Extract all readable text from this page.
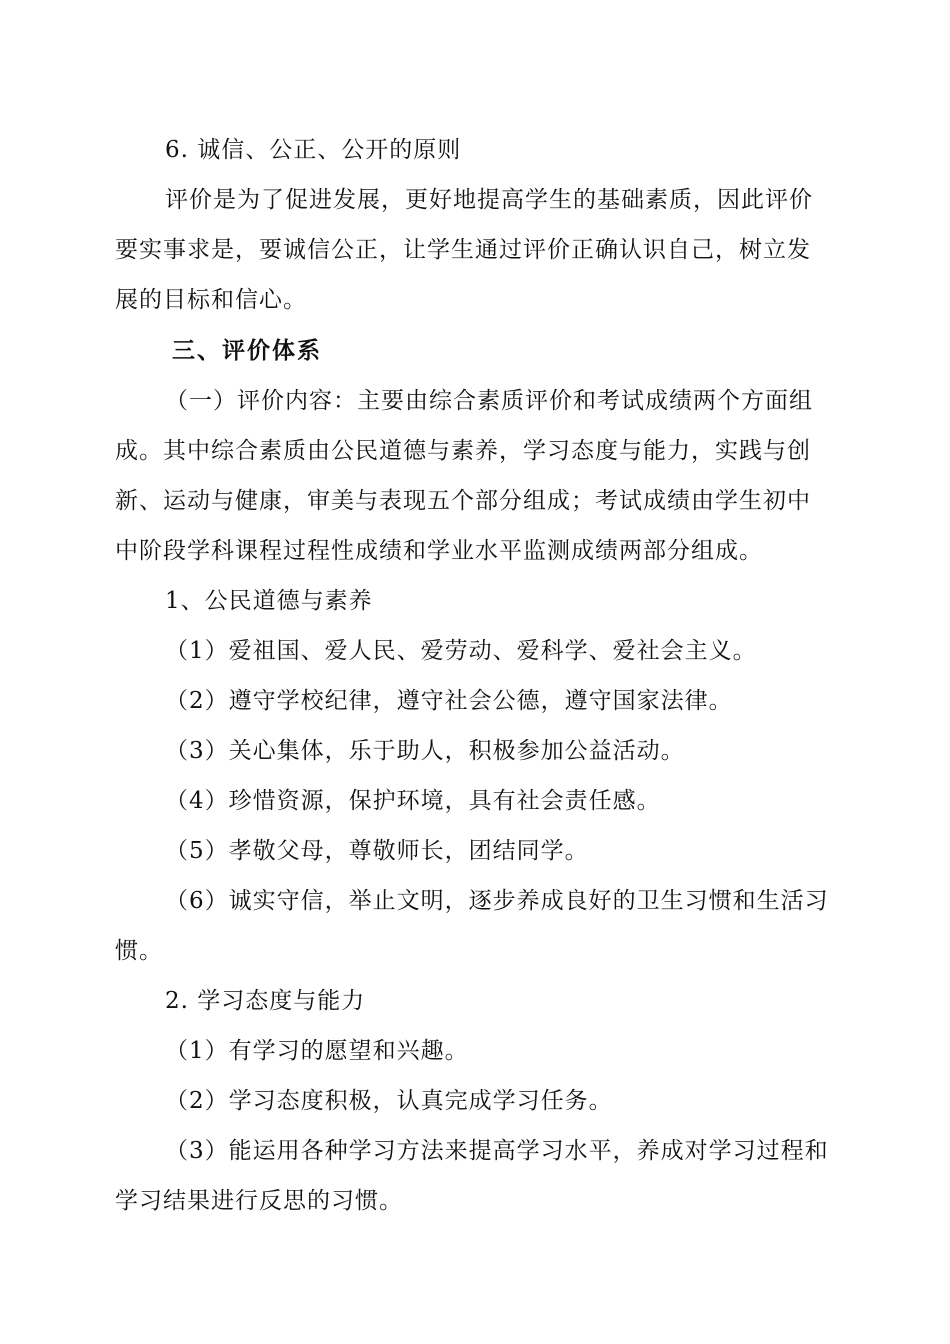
6. 诚信、公正、公开的原则
评价是为了促进发展，更好地提高学生的基础素质，因此评价
要实事求是，要诚信公正，让学生通过评价正确认识自己，树立发
展的目标和信心。
三、评价体系
（一）评价内容：主要由综合素质评价和考试成绩两个方面组
成。其中综合素质由公民道德与素养，学习态度与能力，实践与创
新、运动与健康，审美与表现五个部分组成；考试成绩由学生初中
中阶段学科课程过程性成绩和学业水平监测成绩两部分组成。
1、公民道德与素养
（1）爱祖国、爱人民、爱劳动、爱科学、爱社会主义。
（2）遵守学校纪律，遵守社会公德，遵守国家法律。
（3）关心集体，乐于助人，积极参加公益活动。
（4）珍惜资源，保护环境，具有社会责任感。
（5）孝敬父母，尊敬师长，团结同学。
（6）诚实守信，举止文明，逐步养成良好的卫生习惯和生活习
惯。
2. 学习态度与能力
（1）有学习的愿望和兴趣。
（2）学习态度积极，认真完成学习任务。
（3）能运用各种学习方法来提高学习水平，养成对学习过程和
学习结果进行反思的习惯。
